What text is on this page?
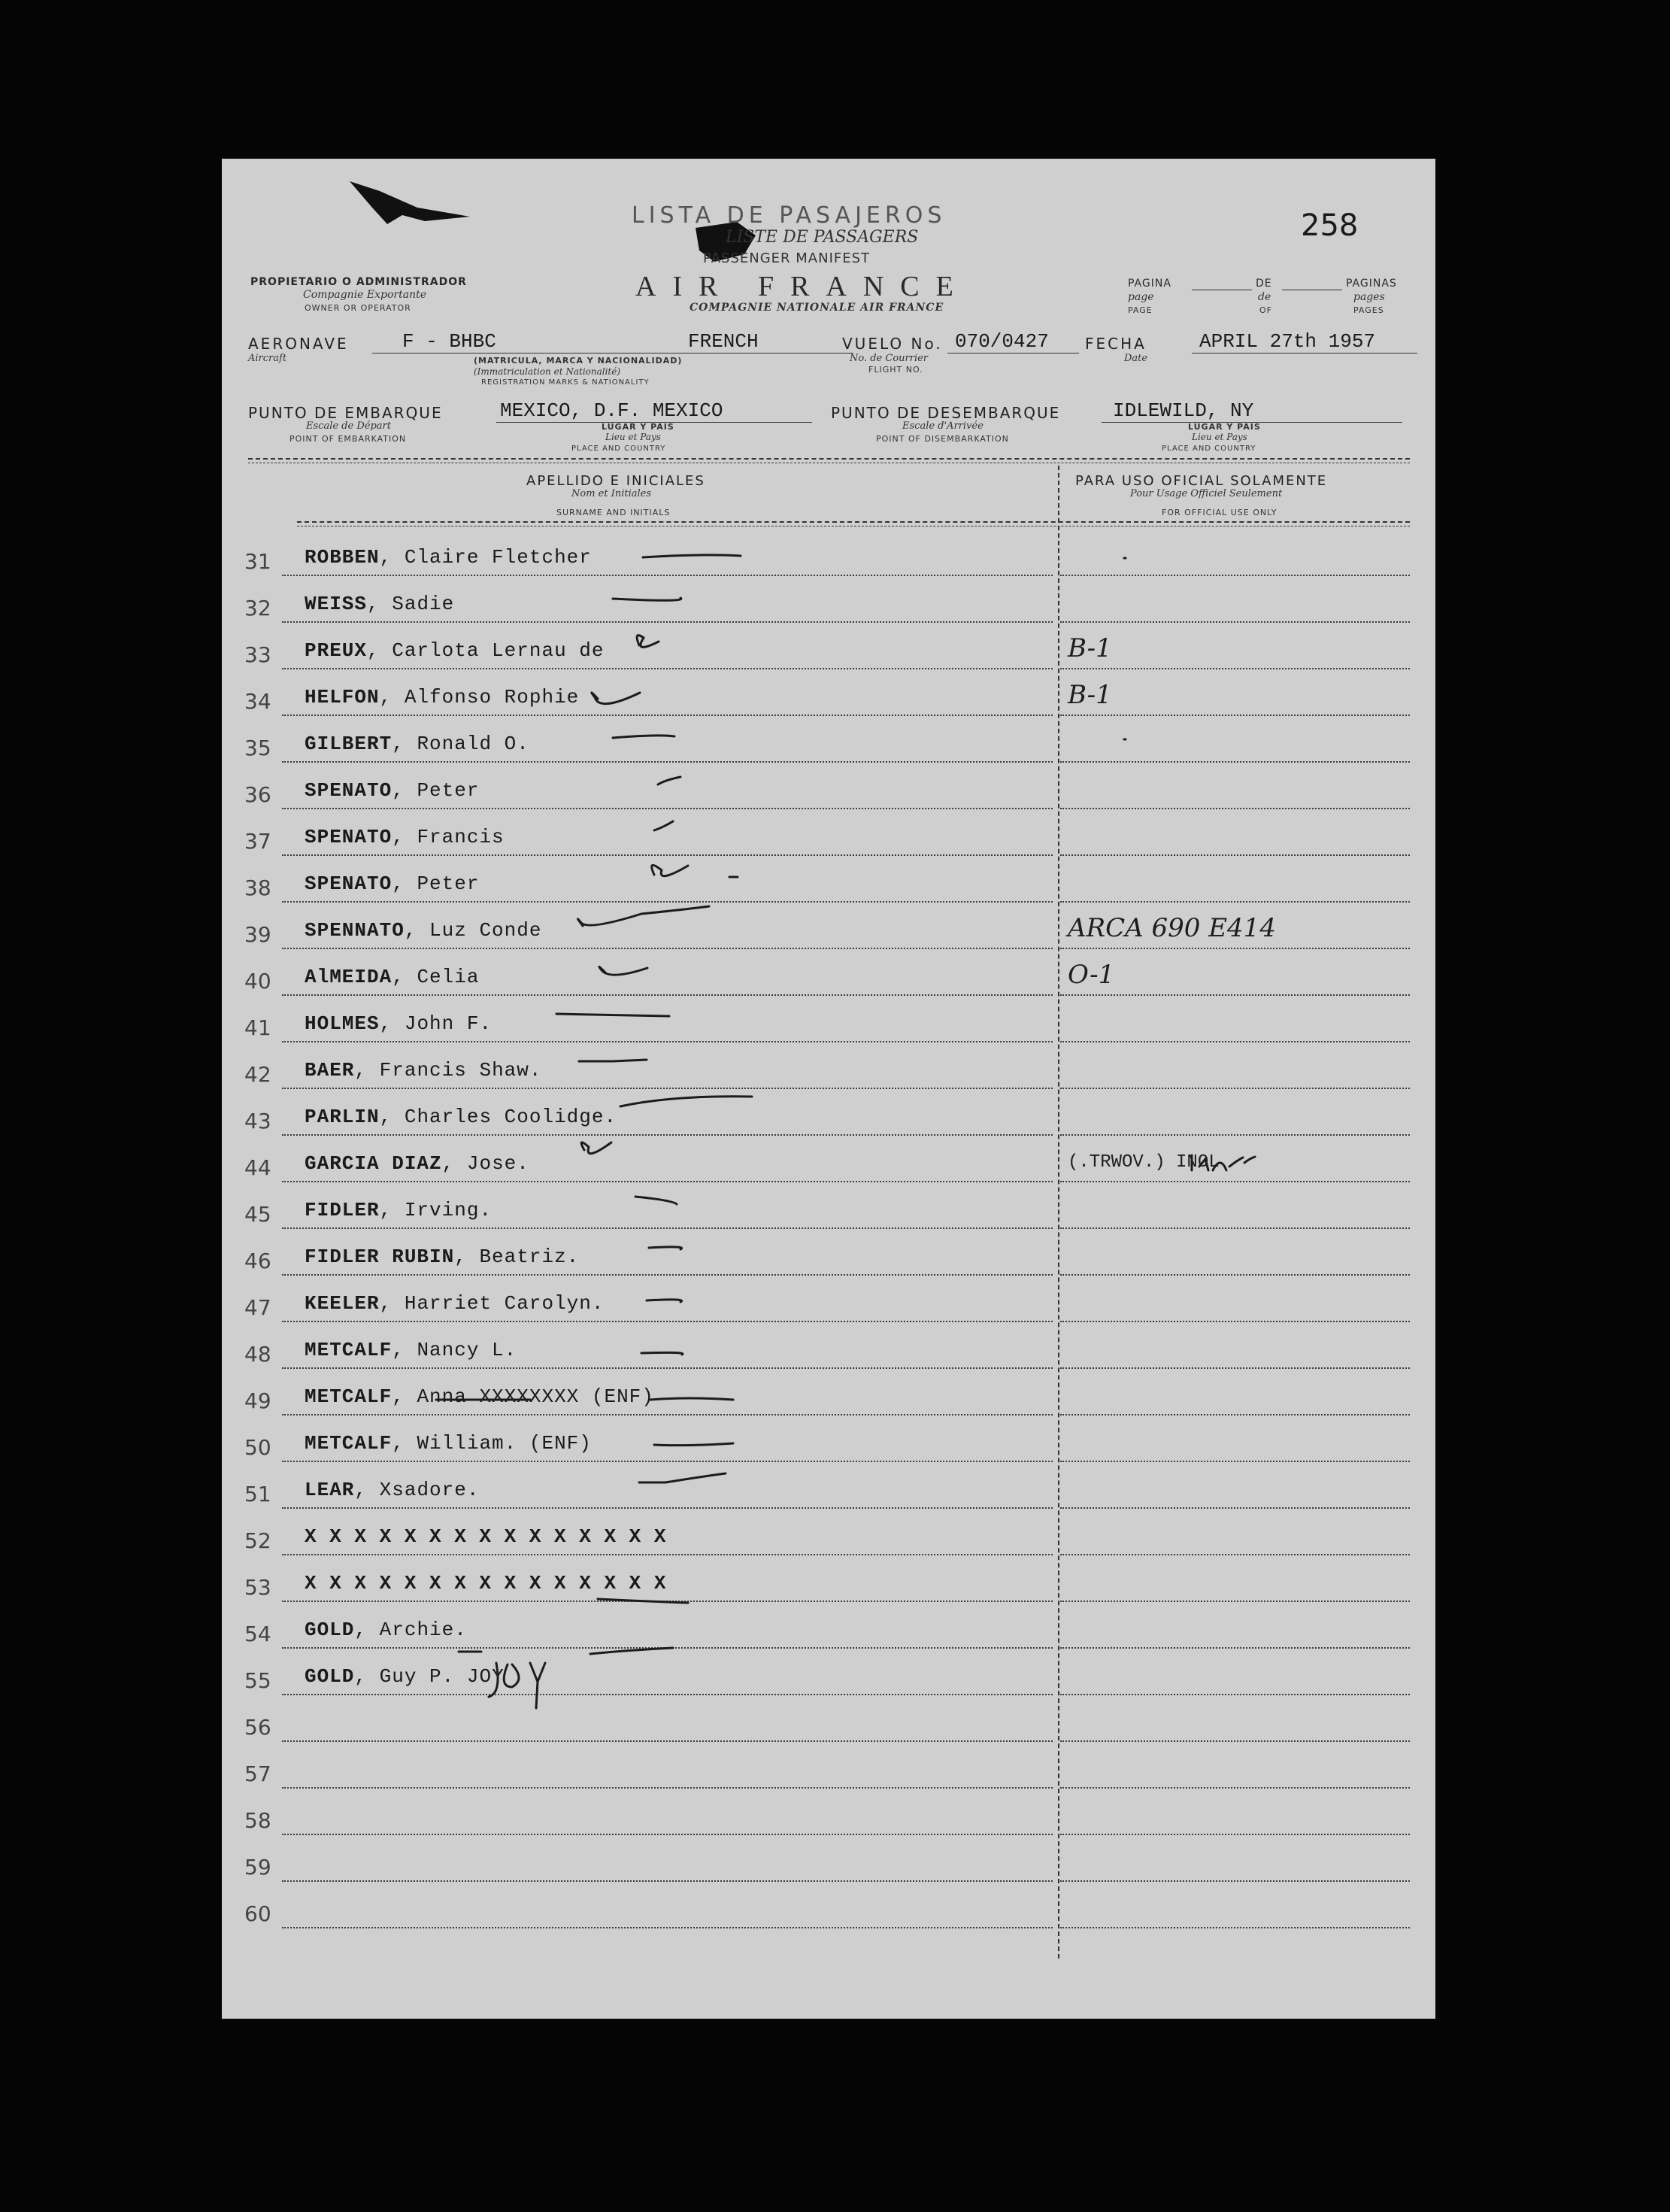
LISTA DE PASAJEROS
LISTE DE PASSAGERS
PASSENGER MANIFEST
258
AIR FRANCE
COMPAGNIE NATIONALE AIR FRANCE
PROPIETARIO O ADMINISTRADOR
Compagnie Exportante
OWNER OR OPERATOR
PAGINA	DE	PAGINAS
page	de	pages
PAGE	OF	PAGES
AERONAVE
Aircraft
F - BHBC	FRENCH
(MATRICULA, MARCA Y NACIONALIDAD)
(Immatriculation et Nationalité)
REGISTRATION MARKS & NATIONALITY
VUELO No. 070/0427
No. de Courrier
FLIGHT NO.
FECHA
Date
APRIL 27th 1957
PUNTO DE EMBARQUE	MEXICO, D.F. MEXICO
Escale de Départ
POINT OF EMBARKATION
LUGAR Y PAIS
Lieu et Pays
PLACE AND COUNTRY
PUNTO DE DESEMBARQUE	IDLEWILD, NY
Escale d'Arrivée
POINT OF DISEMBARKATION
LUGAR Y PAIS
Lieu et Pays
PLACE AND COUNTRY
APELLIDO E INICIALES
Nom et Initiales
SURNAME AND INITIALS
PARA USO OFICIAL SOLAMENTE
Pour Usage Officiel Seulement
FOR OFFICIAL USE ONLY
31	ROBBEN, Claire Fletcher
32	WEISS, Sadie
33	PREUX, Carlota Lernau de	B-1
34	HELFON, Alfonso Rophie	B-1
35	GILBERT, Ronald O.
36	SPENATO, Peter
37	SPENATO, Francis
38	SPENATO, Peter
39	SPENNATO, Luz Conde	ARCA 690 E414
40	AlMEIDA, Celia	O-1
41	HOLMES, John F.
42	BAER, Francis Shaw.
43	PARLIN, Charles Coolidge.
44	GARCIA DIAZ, Jose.	(.TRWOV.) INOL
45	FIDLER, Irving.
46	FIDLER RUBIN, Beatriz.
47	KEELER, Harriet Carolyn.
48	METCALF, Nancy L.
49	METCALF, Anna XXXXXXXX (ENF)
50	METCALF, William. (ENF)
51	LEAR, Xsadore.
52	X X X X X X X X X X X X X X X
53	X X X X X X X X X X X X X X X
54	GOLD, Archie.
55	GOLD, Guy P. JOY
56
57
58
59
60
